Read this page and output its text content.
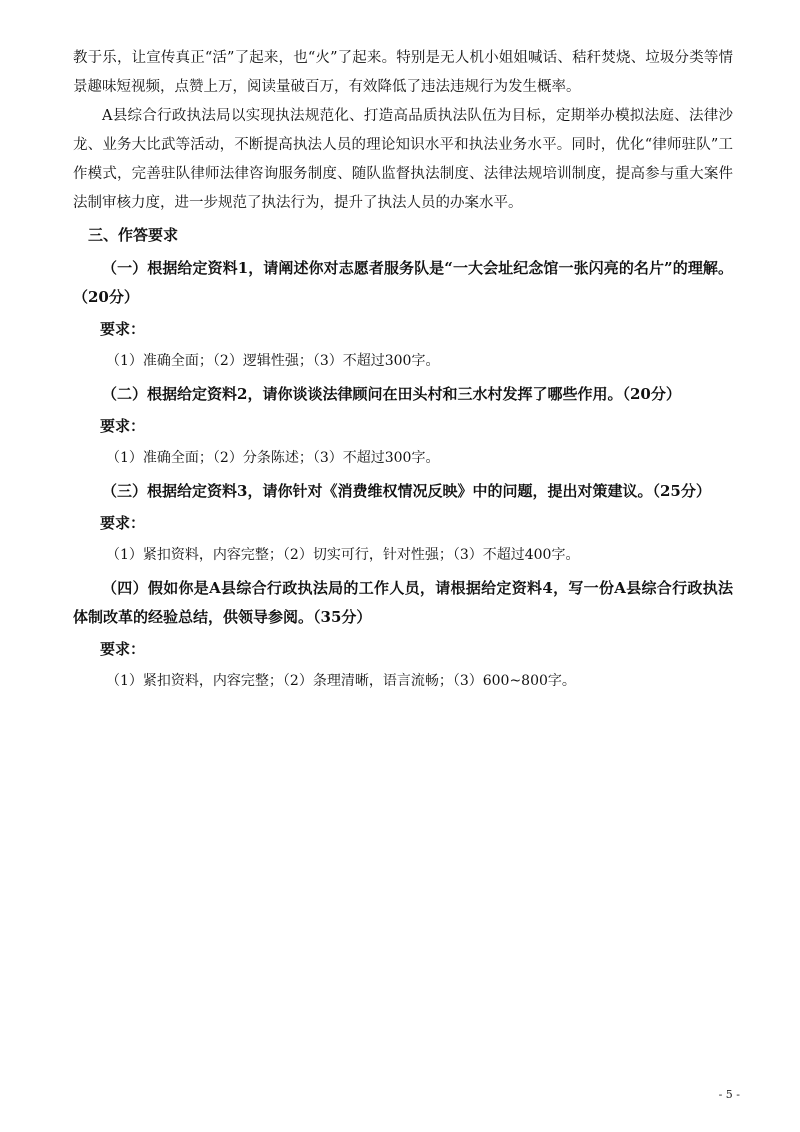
教于乐，让宣传真正“活”了起来，也“火”了起来。特别是无人机小姐姐喊话、秸秆焚烧、垃圾分类等情景趣味短视频，点赞上万，阅读量破百万，有效降低了违法违规行为发生概率。

A县综合行政执法局以实现执法规范化、打造高品质执法队伍为目标，定期举办模拟法庭、法律沙龙、业务大比武等活动，不断提高执法人员的理论知识水平和执法业务水平。同时，优化“律师驻队”工作模式，完善驻队律师法律咨询服务制度、随队监督执法制度、法律法规培训制度，提高参与重大案件法制审核力度，进一步规范了执法行为，提升了执法人员的办案水平。

三、作答要求

（一）根据给定资料1，请阐述你对志愿者服务队是“一大会址纪念馆一张闪亮的名片”的理解。（20分）

要求：

（1）准确全面；（2）逻辑性强；（3）不超过300字。

（二）根据给定资料2，请你谈谈法律顾问在田头村和三水村发挥了哪些作用。（20分）

要求：

（1）准确全面；（2）分条陈述；（3）不超过300字。

（三）根据给定资料3，请你针对《消费维权情况反映》中的问题，提出对策建议。（25分）

要求：

（1）紧扣资料，内容完整；（2）切实可行，针对性强；（3）不超过400字。

（四）假如你是A县综合行政执法局的工作人员，请根据给定资料4，写一份A县综合行政执法体制改革的经验总结，供领导参阅。（35分）

要求：

（1）紧扣资料，内容完整；（2）条理清晰，语言流畅；（3）600~800字。

- 5 -
